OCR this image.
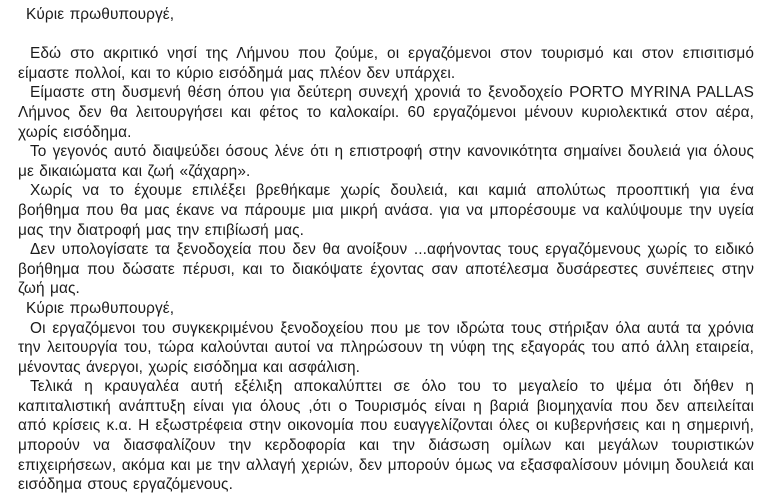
Κύριε πρωθυπουργέ,

Εδώ στο ακριτικό νησί της Λήμνου που ζούμε, οι εργαζόμενοι στον τουρισμό και στον επισιτισμό είμαστε πολλοί, και το κύριο εισόδημά μας πλέον δεν υπάρχει.

Είμαστε στη δυσμενή θέση όπου για δεύτερη συνεχή χρονιά το ξενοδοχείο PORTO MYRINA PALLAS Λήμνος δεν θα λειτουργήσει και φέτος το καλοκαίρι. 60 εργαζόμενοι μένουν κυριολεκτικά στον αέρα, χωρίς εισόδημα.

Το γεγονός αυτό διαψεύδει όσους λένε ότι η επιστροφή στην κανονικότητα σημαίνει δουλειά για όλους με δικαιώματα και ζωή «ζάχαρη».

Χωρίς να το έχουμε επιλέξει βρεθήκαμε χωρίς δουλειά, και καμιά απολύτως προοπτική για ένα βοήθημα που θα μας έκανε να πάρουμε μια μικρή ανάσα. για να μπορέσουμε να καλύψουμε την υγεία μας την διατροφή μας την επιβίωσή μας.

Δεν υπολογίσατε τα ξενοδοχεία που δεν θα ανοίξουν ...αφήνοντας τους εργαζόμενους χωρίς το ειδικό βοήθημα που δώσατε πέρυσι, και το διακόψατε έχοντας σαν αποτέλεσμα δυσάρεστες συνέπειες στην ζωή μας.

Κύριε πρωθυπουργέ,

Οι εργαζόμενοι του συγκεκριμένου ξενοδοχείου που με τον ιδρώτα τους στήριξαν όλα αυτά τα χρόνια την λειτουργία του, τώρα καλούνται αυτοί να πληρώσουν τη νύφη της εξαγοράς του από άλλη εταιρεία, μένοντας άνεργοι, χωρίς εισόδημα και ασφάλιση.

Τελικά η κραυγαλέα αυτή εξέλιξη αποκαλύπτει σε όλο του το μεγαλείο το ψέμα ότι δήθεν η καπιταλιστική ανάπτυξη είναι για όλους ,ότι ο Τουρισμός είναι η βαριά βιομηχανία που δεν απειλείται από κρίσεις κ.α. Η εξωστρέφεια στην οικονομία που ευαγγελίζονται όλες οι κυβερνήσεις και η σημερινή, μπορούν να διασφαλίζουν την κερδοφορία και την διάσωση ομίλων και μεγάλων τουριστικών επιχειρήσεων, ακόμα και με την αλλαγή χεριών, δεν μπορούν όμως να εξασφαλίσουν μόνιμη δουλειά και εισόδημα στους εργαζόμενους.
